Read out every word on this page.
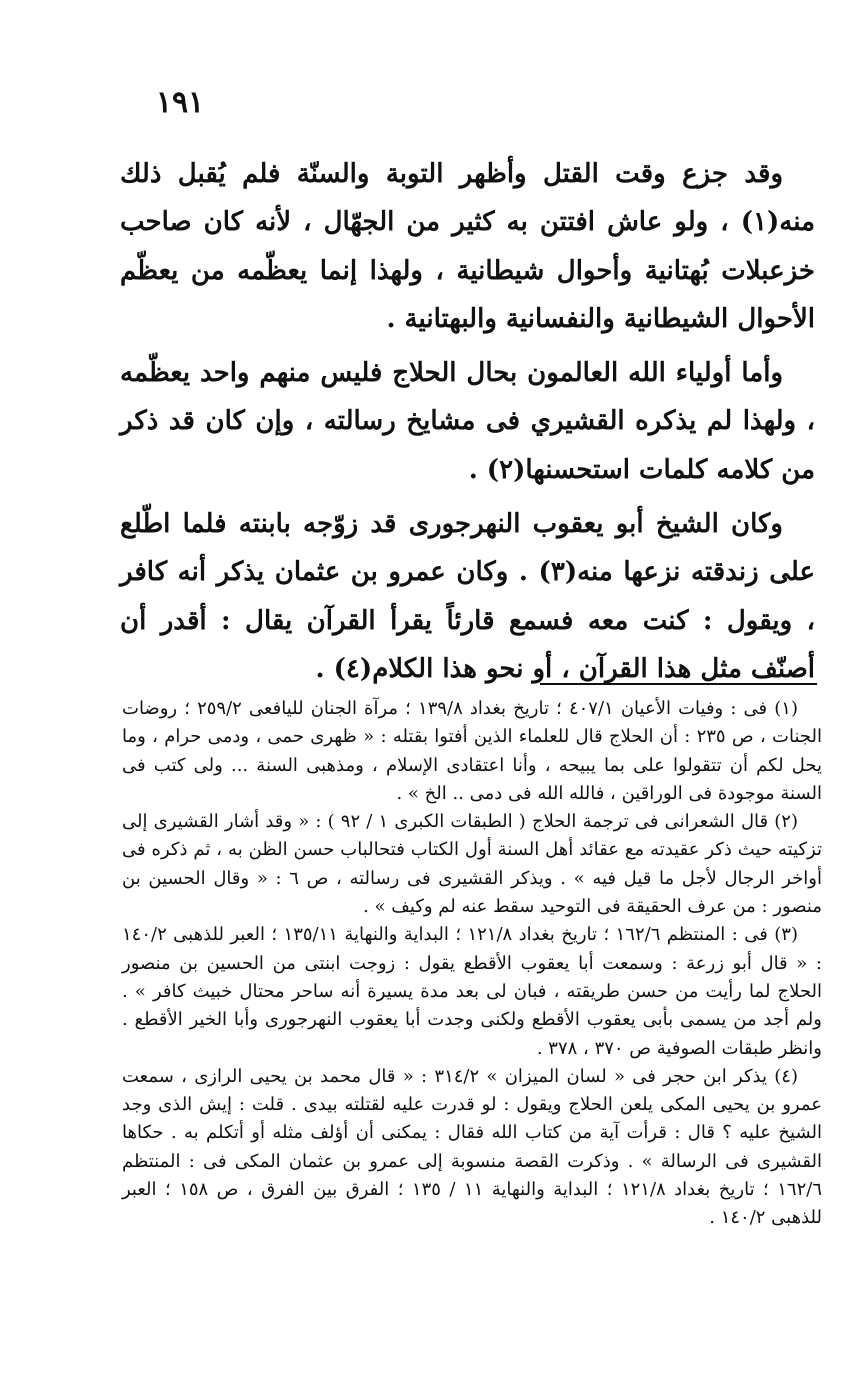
١٩١

وقد جزع وقت القتل وأظهر التوبة والسنّة فلم يُقبل ذلك منه(١) ، ولو عاش افتتن به كثير من الجهّال ، لأنه كان صاحب خزعبلات بُهتانية وأحوال شيطانية ، ولهذا إنما يعظّمه من يعظّم الأحوال الشيطانية والنفسانية والبهتانية .

وأما أولياء الله العالمون بحال الحلاج فليس منهم واحد يعظّمه ، ولهذا لم يذكره القشيري فى مشايخ رسالته ، وإن كان قد ذكر من كلامه كلمات استحسنها(٢) .

وكان الشيخ أبو يعقوب النهرجورى قد زوّجه بابنته فلما اطّلع على زندقته نزعها منه(٣) . وكان عمرو بن عثمان يذكر أنه كافر ، ويقول : كنت معه فسمع قارئاً يقرأ القرآن يقال : أقدر أن أصنّف مثل هذا القرآن ، أو نحو هذا الكلام(٤) .

(١) فى : وفيات الأعيان ٤٠٧/١ ؛ تاريخ بغداد ١٣٩/٨ ؛ مرآة الجنان لليافعى ٢٥٩/٢ ؛ روضات الجنات ، ص ٢٣٥ : أن الحلاج قال للعلماء الذين أفتوا بقتله : « ظهرى حمى ، ودمى حرام ، وما يحل لكم أن تتقولوا على بما يبيحه ، وأنا اعتقادى الإسلام ، ومذهبى السنة ... ولى كتب فى السنة موجودة فى الوراقين ، فالله الله فى دمى .. الخ » .

(٢) قال الشعرانى فى ترجمة الحلاج ( الطبقات الكبرى ١ / ٩٢ ) : « وقد أشار القشيرى إلى تزكيته حيث ذكر عقيدته مع عقائد أهل السنة أول الكتاب فتحالباب حسن الظن به ، ثم ذكره فى أواخر الرجال لأجل ما قيل فيه » . ويذكر القشيرى فى رسالته ، ص ٦ : « وقال الحسين بن منصور : من عرف الحقيقة فى التوحيد سقط عنه لم وكيف » .

(٣) فى : المنتظم ١٦٢/٦ ؛ تاريخ بغداد ١٢١/٨ ؛ البداية والنهاية ١٣٥/١١ ؛ العبر للذهبى ١٤٠/٢ : « قال أبو زرعة : وسمعت أبا يعقوب الأقطع يقول : زوجت ابنتى من الحسين بن منصور الحلاج لما رأيت من حسن طريقته ، فبان لى بعد مدة يسيرة أنه ساحر محتال خبيث كافر » . ولم أجد من يسمى بأبى يعقوب الأقطع ولكنى وجدت أبا يعقوب النهرجورى وأبا الخير الأقطع . وانظر طبقات الصوفية ص ٣٧٠ ، ٣٧٨ .

(٤) يذكر ابن حجر فى « لسان الميزان » ٣١٤/٢ : « قال محمد بن يحيى الرازى ، سمعت عمرو بن يحيى المكى يلعن الحلاج ويقول : لو قدرت عليه لقتلته بيدى . قلت : إيش الذى وجد الشيخ عليه ؟ قال : قرأت آية من كتاب الله فقال : يمكنى أن أؤلف مثله أو أتكلم به . حكاها القشيرى فى الرسالة » . وذكرت القصة منسوبة إلى عمرو بن عثمان المكى فى : المنتظم ١٦٢/٦ ؛ تاريخ بغداد ١٢١/٨ ؛ البداية والنهاية ١١ / ١٣٥ ؛ الفرق بين الفرق ، ص ١٥٨ ؛ العبر للذهبى ١٤٠/٢ .
